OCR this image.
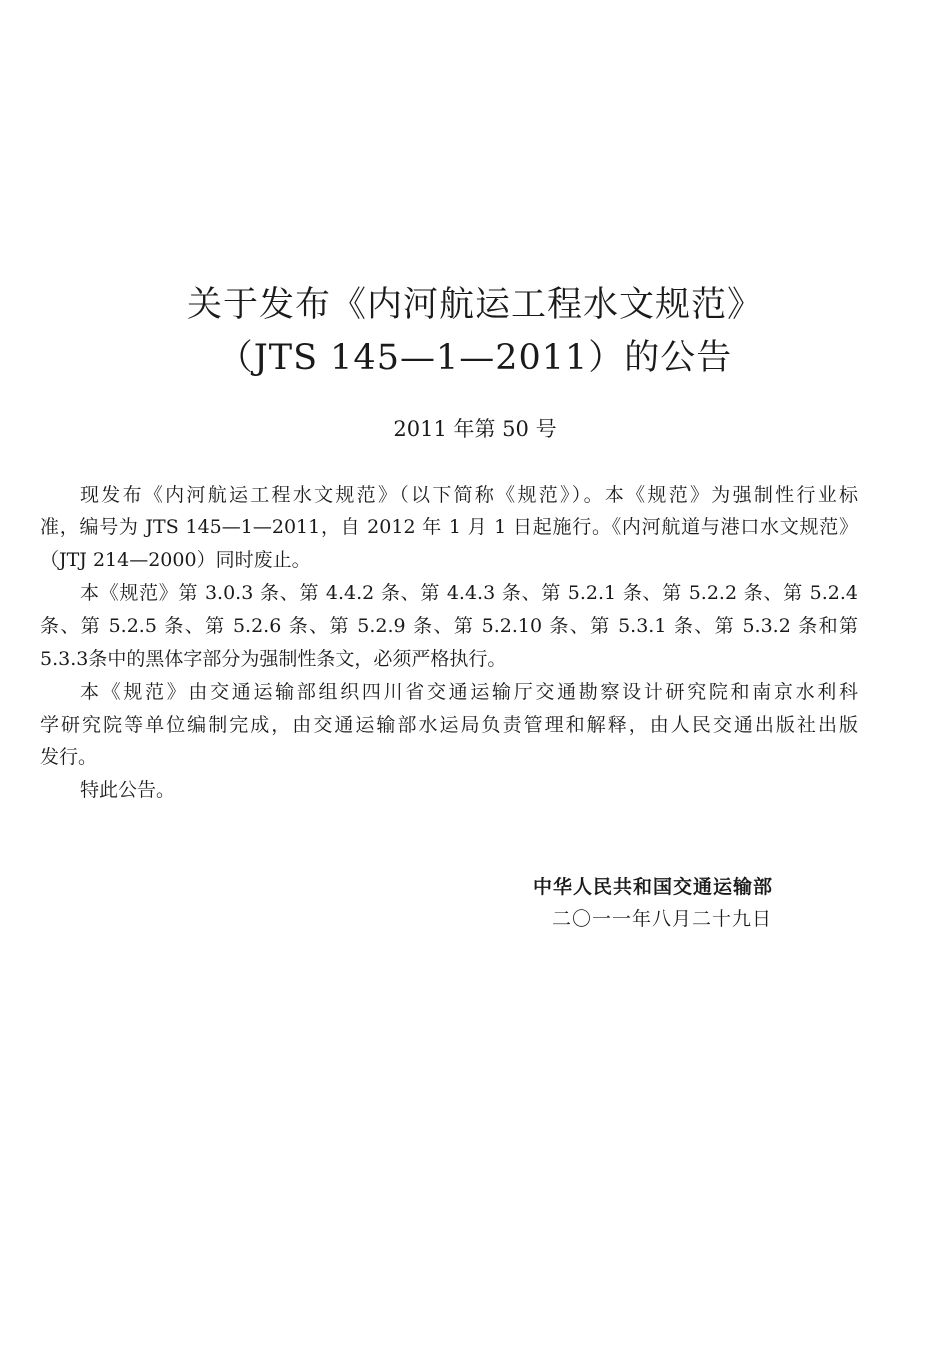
关于发布《内河航运工程水文规范》
（JTS 145—1—2011）的公告
2011 年第 50 号
现发布《内河航运工程水文规范》（以下简称《规范》）。本《规范》为强制性行业标
准，编号为 JTS 145—1—2011，自 2012 年 1 月 1 日起施行。《内河航道与港口水文规范》
（JTJ 214—2000）同时废止。
本《规范》第 3.0.3 条、第 4.4.2 条、第 4.4.3 条、第 5.2.1 条、第 5.2.2 条、第 5.2.4
条、第 5.2.5 条、第 5.2.6 条、第 5.2.9 条、第 5.2.10 条、第 5.3.1 条、第 5.3.2 条和第
5.3.3条中的黑体字部分为强制性条文，必须严格执行。
本《规范》由交通运输部组织四川省交通运输厅交通勘察设计研究院和南京水利科
学研究院等单位编制完成，由交通运输部水运局负责管理和解释，由人民交通出版社出版
发行。
特此公告。
中华人民共和国交通运输部
二〇一一年八月二十九日
